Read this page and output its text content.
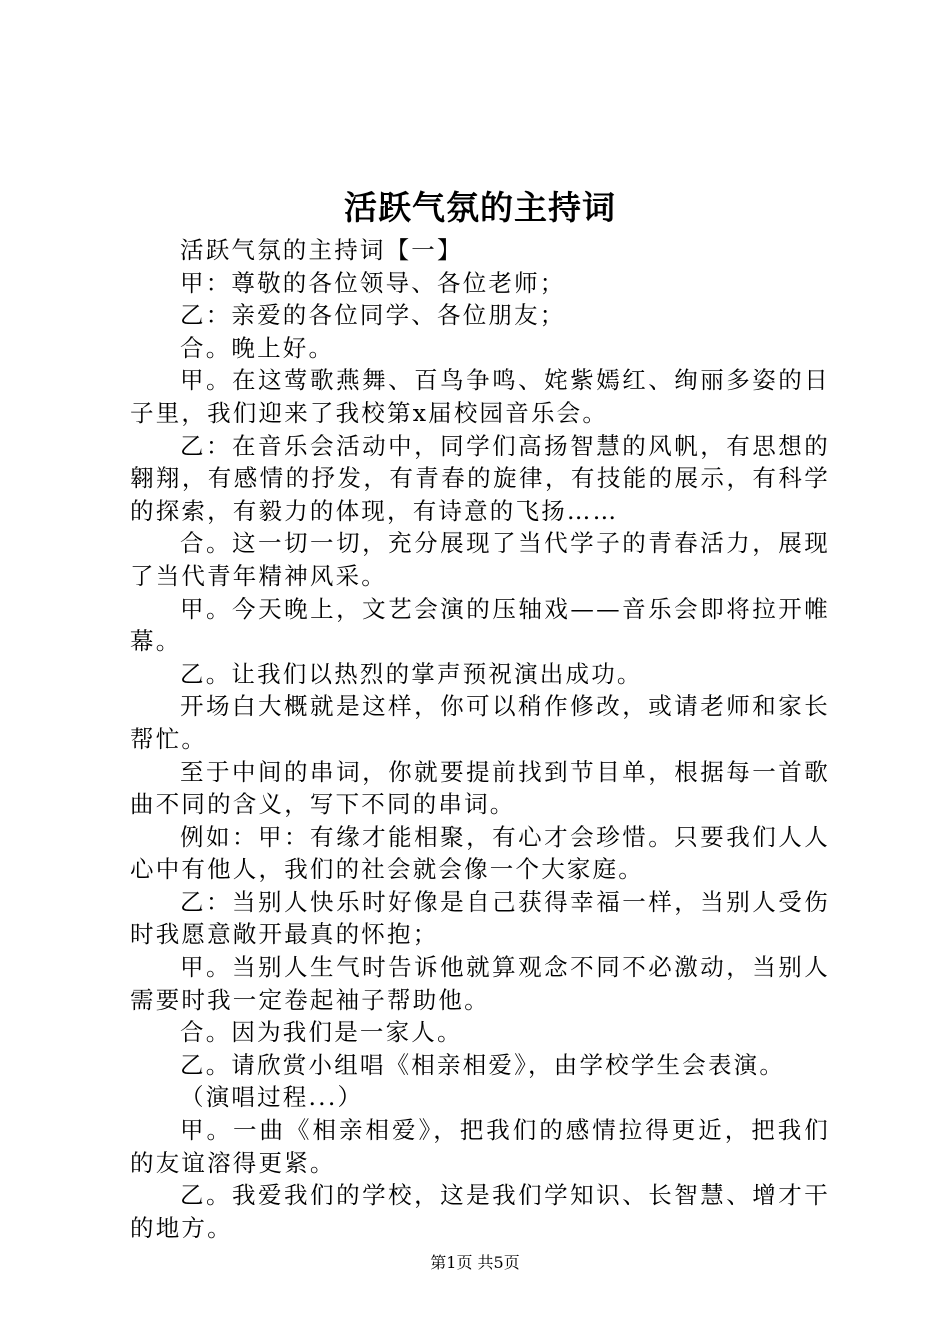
活跃气氛的主持词

活跃气氛的主持词【一】

甲：尊敬的各位领导、各位老师；

乙：亲爱的各位同学、各位朋友；

合。晚上好。

甲。在这莺歌燕舞、百鸟争鸣、姹紫嫣红、绚丽多姿的日子里，我们迎来了我校第x届校园音乐会。

乙：在音乐会活动中，同学们高扬智慧的风帆，有思想的翱翔，有感情的抒发，有青春的旋律，有技能的展示，有科学的探索，有毅力的体现，有诗意的飞扬……

合。这一切一切，充分展现了当代学子的青春活力，展现了当代青年精神风采。

甲。今天晚上，文艺会演的压轴戏——音乐会即将拉开帷幕。

乙。让我们以热烈的掌声预祝演出成功。

开场白大概就是这样，你可以稍作修改，或请老师和家长帮忙。

至于中间的串词，你就要提前找到节目单，根据每一首歌曲不同的含义，写下不同的串词。

例如：甲：有缘才能相聚，有心才会珍惜。只要我们人人心中有他人，我们的社会就会像一个大家庭。

乙：当别人快乐时好像是自己获得幸福一样，当别人受伤时我愿意敞开最真的怀抱；

甲。当别人生气时告诉他就算观念不同不必激动，当别人需要时我一定卷起袖子帮助他。

合。因为我们是一家人。

乙。请欣赏小组唱《相亲相爱》，由学校学生会表演。

（演唱过程...）

甲。一曲《相亲相爱》，把我们的感情拉得更近，把我们的友谊溶得更紧。

乙。我爱我们的学校，这是我们学知识、长智慧、增才干的地方。

第1页 共5页
